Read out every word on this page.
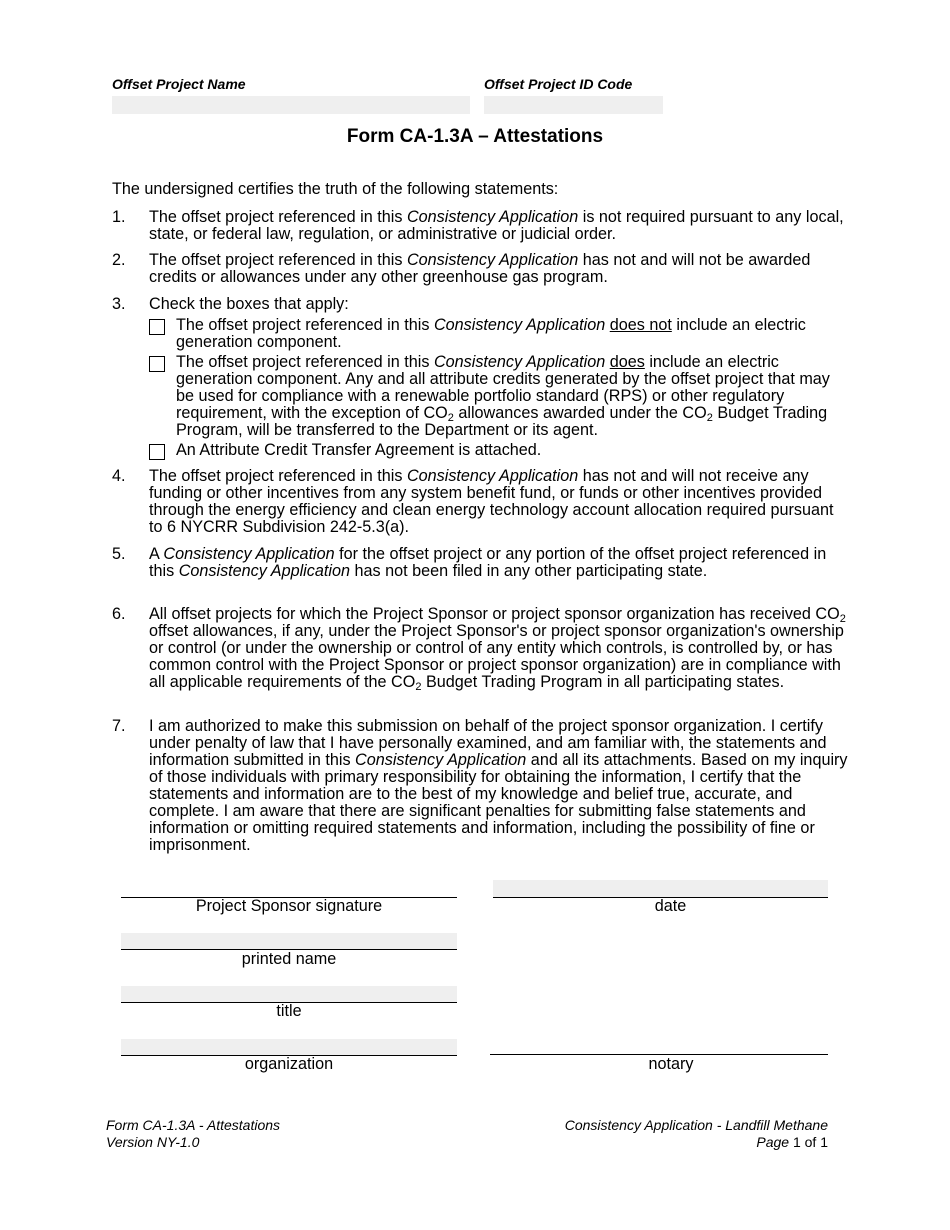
Offset Project Name	Offset Project ID Code
Form CA-1.3A – Attestations
The undersigned certifies the truth of the following statements:
1. The offset project referenced in this Consistency Application is not required pursuant to any local, state, or federal law, regulation, or administrative or judicial order.
2. The offset project referenced in this Consistency Application has not and will not be awarded credits or allowances under any other greenhouse gas program.
3. Check the boxes that apply:
The offset project referenced in this Consistency Application does not include an electric generation component.
The offset project referenced in this Consistency Application does include an electric generation component. Any and all attribute credits generated by the offset project that may be used for compliance with a renewable portfolio standard (RPS) or other regulatory requirement, with the exception of $CO_2$ allowances awarded under the $CO_2$ Budget Trading Program, will be transferred to the Department or its agent.
An Attribute Credit Transfer Agreement is attached.
4. The offset project referenced in this Consistency Application has not and will not receive any funding or other incentives from any system benefit fund, or funds or other incentives provided through the energy efficiency and clean energy technology account allocation required pursuant to 6 NYCRR Subdivision 242-5.3(a).
5. A Consistency Application for the offset project or any portion of the offset project referenced in this Consistency Application has not been filed in any other participating state.
6. All offset projects for which the Project Sponsor or project sponsor organization has received $CO_2$ offset allowances, if any, under the Project Sponsor's or project sponsor organization's ownership or control (or under the ownership or control of any entity which controls, is controlled by, or has common control with the Project Sponsor or project sponsor organization) are in compliance with all applicable requirements of the $CO_2$ Budget Trading Program in all participating states.
7. I am authorized to make this submission on behalf of the project sponsor organization. I certify under penalty of law that I have personally examined, and am familiar with, the statements and information submitted in this Consistency Application and all its attachments. Based on my inquiry of those individuals with primary responsibility for obtaining the information, I certify that the statements and information are to the best of my knowledge and belief true, accurate, and complete. I am aware that there are significant penalties for submitting false statements and information or omitting required statements and information, including the possibility of fine or imprisonment.
Project Sponsor signature	date
printed name
title
organization	notary
Form CA-1.3A - Attestations
Version NY-1.0
Consistency Application - Landfill Methane
Page 1 of 1
